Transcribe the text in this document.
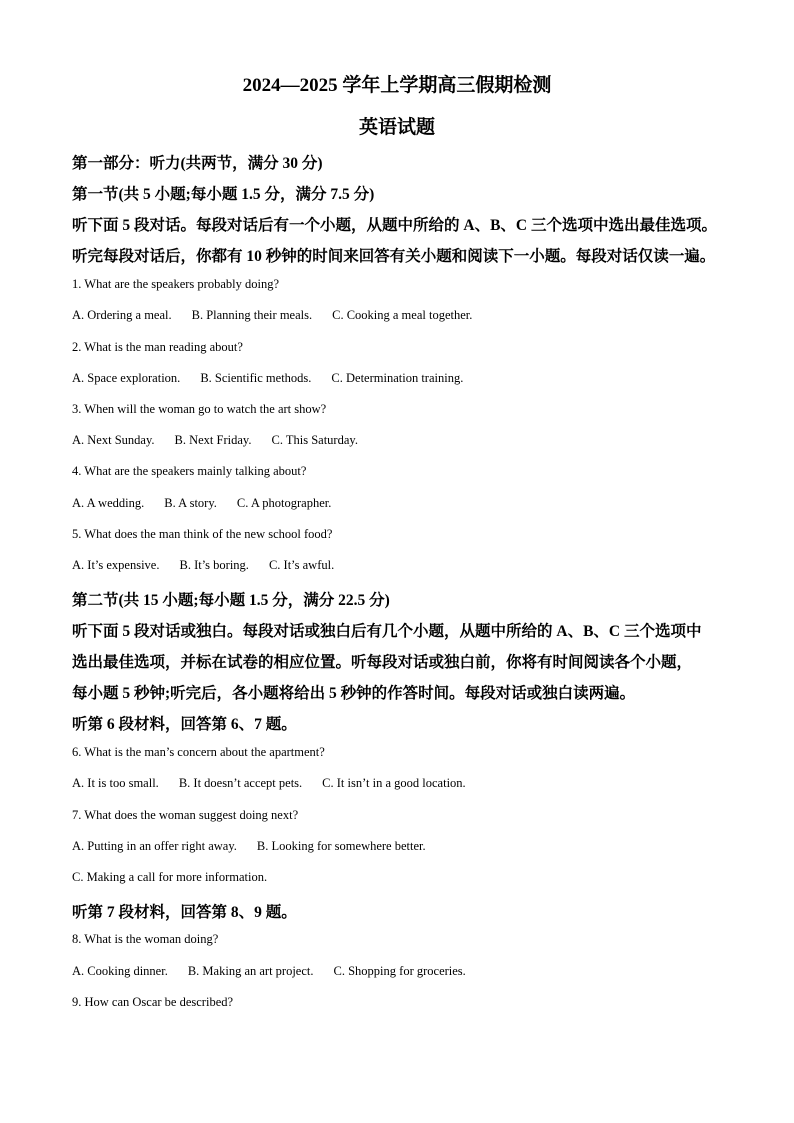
2024—2025 学年上学期高三假期检测
英语试题
第一部分：听力(共两节，满分 30 分)
第一节(共 5 小题;每小题 1.5 分，满分 7.5 分)
听下面 5 段对话。每段对话后有一个小题，从题中所给的 A、B、C 三个选项中选出最佳选项。
听完每段对话后，你都有 10 秒钟的时间来回答有关小题和阅读下一小题。每段对话仅读一遍。
1. What are the speakers probably doing?
A. Ordering a meal. B. Planning their meals. C. Cooking a meal together.
2. What is the man reading about?
A. Space exploration. B. Scientific methods. C. Determination training.
3. When will the woman go to watch the art show?
A. Next Sunday. B. Next Friday. C. This Saturday.
4. What are the speakers mainly talking about?
A. A wedding. B. A story. C. A photographer.
5. What does the man think of the new school food?
A. It’s expensive. B. It’s boring. C. It’s awful.
第二节(共 15 小题;每小题 1.5 分，满分 22.5 分)
听下面 5 段对话或独白。每段对话或独白后有几个小题，从题中所给的 A、B、C 三个选项中
选出最佳选项，并标在试卷的相应位置。听每段对话或独白前，你将有时间阅读各个小题，
每小题 5 秒钟;听完后，各小题将给出 5 秒钟的作答时间。每段对话或独白读两遍。
听第 6 段材料，回答第 6、7 题。
6. What is the man’s concern about the apartment?
A. It is too small. B. It doesn’t accept pets. C. It isn’t in a good location.
7. What does the woman suggest doing next?
A. Putting in an offer right away. B. Looking for somewhere better.
C. Making a call for more information.
听第 7 段材料，回答第 8、9 题。
8. What is the woman doing?
A. Cooking dinner. B. Making an art project. C. Shopping for groceries.
9. How can Oscar be described?
